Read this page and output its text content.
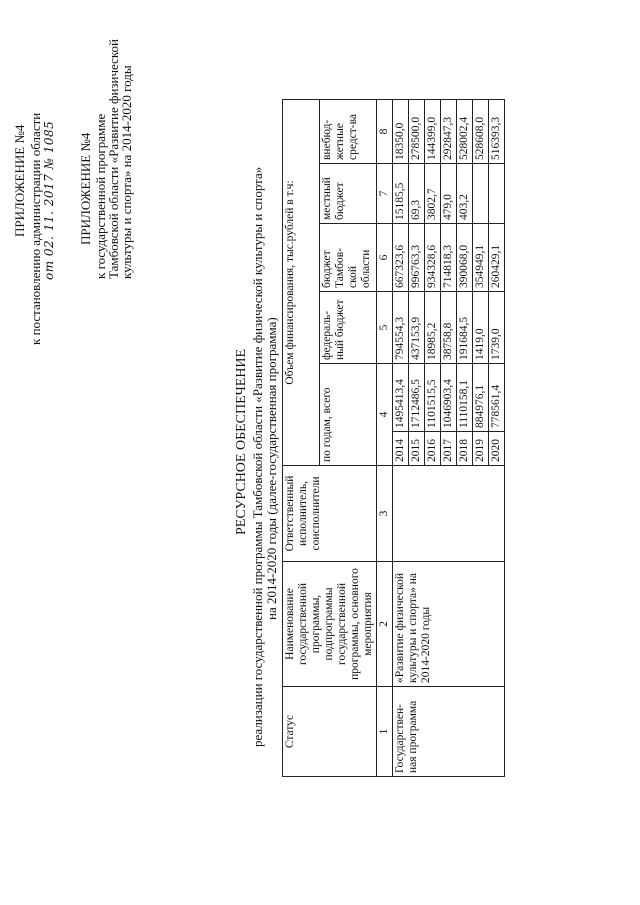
ПРИЛОЖЕНИЕ №4 к постановлению администрации области от 02. 11. 2017 № 1085 ПРИЛОЖЕНИЕ №4 к государственной программе
Тамбовской области «Развитие физической
культуры и спорта» на 2014-2020 годы
РЕСУРСНОЕ ОБЕСПЕЧЕНИЕ реализации государственной программы Тамбовской области «Развитие физической культуры и спорта» на 2014-2020 годы (далее-государственная программа)
Статус	Наименование государственной программы, подпрограммы государственной программы, основного мероприятия	Ответственный исполнитель, соисполнители	Объем финансирования, тыс.рублей в т.ч:					
			по годам, всего		федераль-ный бюджет	бюджет Тамбов-ской области	местный бюджет	внебюд-жетные средст-ва
1	2	3	4		5	6	7	8
Государствен-ная программа	«Развитие физической культуры и спорта» на 2014-2020 годы		2014	1495413,4	794554,3	667323,6	15185,5	18350,0
			2015	1712486,5	437153,9	996763,3	69,3	278500,0
			2016	1101515,5	18985,2	934328,6	3802,7	144399,0
			2017	1046903,4	38758,8	714818,3	479,0	292847,3
			2018	1110158,1	191684,5	390068,0	403,2	528002,4
			2019	884976,1	1419,0	354949,1		528608,0
			2020	778561,4	1739,0	260429,1		516393,3
